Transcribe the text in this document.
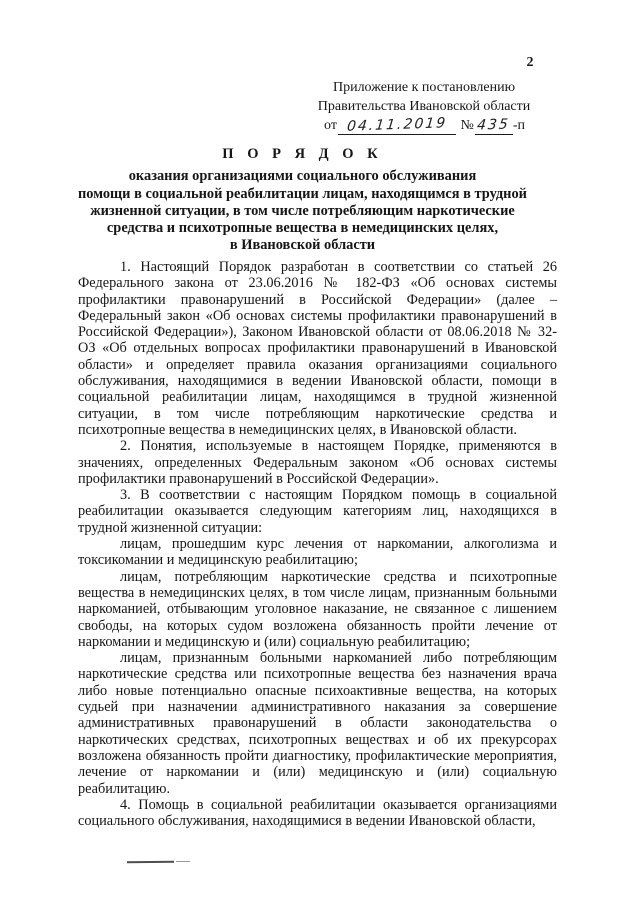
2
Приложение к постановлению
Правительства Ивановской области
от 04.11.2019 № 435 -п
П О Р Я Д О К
оказания организациями социального обслуживания
помощи в социальной реабилитации лицам, находящимся в трудной
жизненной ситуации, в том числе потребляющим наркотические
средства и психотропные вещества в немедицинских целях,
в Ивановской области

1. Настоящий Порядок разработан в соответствии со статьей 26 Федерального закона от 23.06.2016 № 182-ФЗ «Об основах системы профилактики правонарушений в Российской Федерации» (далее – Федеральный закон «Об основах системы профилактики правонарушений в Российской Федерации»), Законом Ивановской области от 08.06.2018 № 32-ОЗ «Об отдельных вопросах профилактики правонарушений в Ивановской области» и определяет правила оказания организациями социального обслуживания, находящимися в ведении Ивановской области, помощи в социальной реабилитации лицам, находящимся в трудной жизненной ситуации, в том числе потребляющим наркотические средства и психотропные вещества в немедицинских целях, в Ивановской области.

2. Понятия, используемые в настоящем Порядке, применяются в значениях, определенных Федеральным законом «Об основах системы профилактики правонарушений в Российской Федерации».

3. В соответствии с настоящим Порядком помощь в социальной реабилитации оказывается следующим категориям лиц, находящихся в трудной жизненной ситуации:

лицам, прошедшим курс лечения от наркомании, алкоголизма и токсикомании и медицинскую реабилитацию;

лицам, потребляющим наркотические средства и психотропные вещества в немедицинских целях, в том числе лицам, признанным больными наркоманией, отбывающим уголовное наказание, не связанное с лишением свободы, на которых судом возложена обязанность пройти лечение от наркомании и медицинскую и (или) социальную реабилитацию;

лицам, признанным больными наркоманией либо потребляющим наркотические средства или психотропные вещества без назначения врача либо новые потенциально опасные психоактивные вещества, на которых судьей при назначении административного наказания за совершение административных правонарушений в области законодательства о наркотических средствах, психотропных веществах и об их прекурсорах возложена обязанность пройти диагностику, профилактические мероприятия, лечение от наркомании и (или) медицинскую и (или) социальную реабилитацию.

4. Помощь в социальной реабилитации оказывается организациями социального обслуживания, находящимися в ведении Ивановской области,
